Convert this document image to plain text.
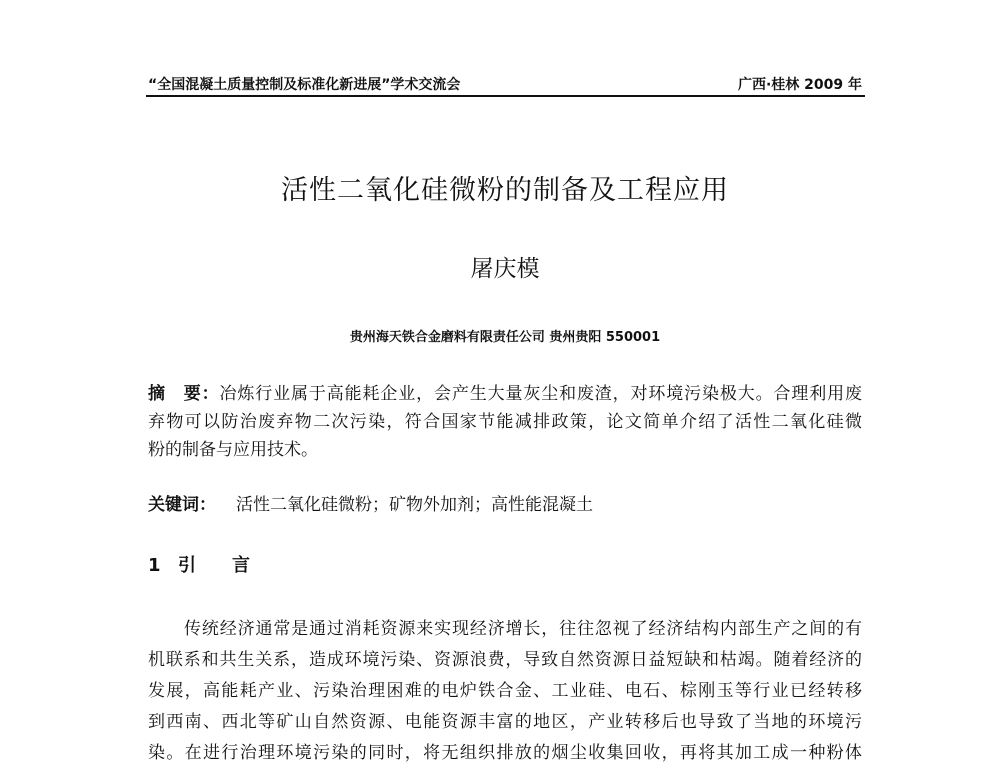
“全国混凝土质量控制及标准化新进展”学术交流会	广西·桂林 2009 年
活性二氧化硅微粉的制备及工程应用
屠庆模
贵州海天铁合金磨料有限责任公司 贵州贵阳 550001
摘　要：冶炼行业属于高能耗企业，会产生大量灰尘和废渣，对环境污染极大。合理利用废
弃物可以防治废弃物二次污染，符合国家节能减排政策，论文简单介绍了活性二氧化硅微
粉的制备与应用技术。
关键词： 活性二氧化硅微粉；矿物外加剂；高性能混凝土
1 引　　言
传统经济通常是通过消耗资源来实现经济增长，往往忽视了经济结构内部生产之间的有
机联系和共生关系，造成环境污染、资源浪费，导致自然资源日益短缺和枯竭。随着经济的
发展，高能耗产业、污染治理困难的电炉铁合金、工业硅、电石、棕刚玉等行业已经转移
到西南、西北等矿山自然资源、电能资源丰富的地区，产业转移后也导致了当地的环境污
染。在进行治理环境污染的同时，将无组织排放的烟尘收集回收，再将其加工成一种粉体
